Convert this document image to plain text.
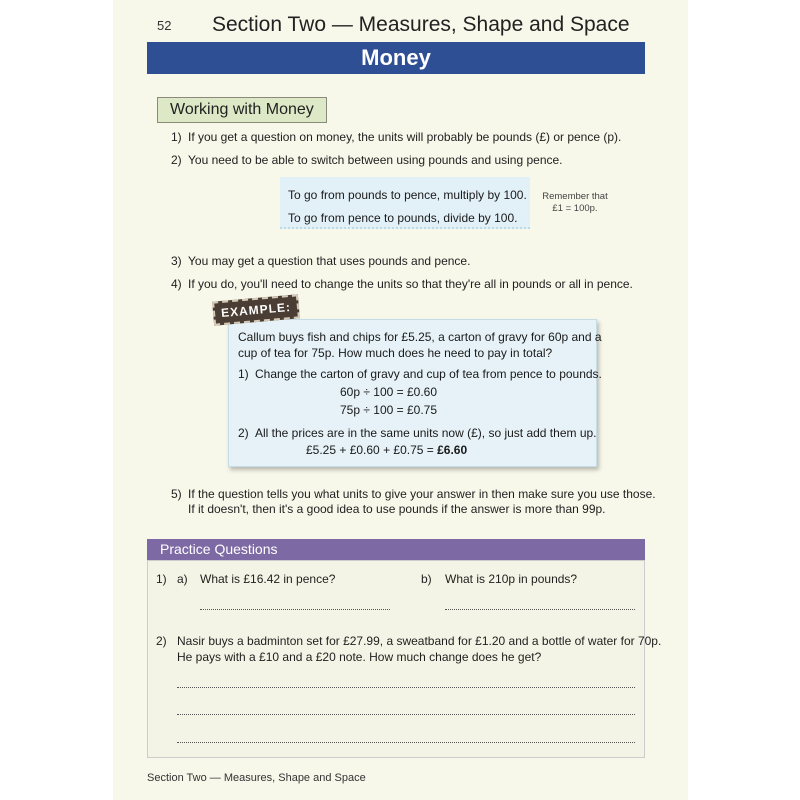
52 Section Two — Measures, Shape and Space
Money
Working with Money
1) If you get a question on money, the units will probably be pounds (£) or pence (p).
2) You need to be able to switch between using pounds and using pence.
To go from pounds to pence, multiply by 100.
To go from pence to pounds, divide by 100.
Remember that
£1 = 100p.
3) You may get a question that uses pounds and pence.
4) If you do, you'll need to change the units so that they're all in pounds or all in pence.
EXAMPLE:
Callum buys fish and chips for £5.25, a carton of gravy for 60p and a
cup of tea for 75p. How much does he need to pay in total?
1) Change the carton of gravy and cup of tea from pence to pounds.
60p ÷ 100 = £0.60
75p ÷ 100 = £0.75
2) All the prices are in the same units now (£), so just add them up.
£5.25 + £0.60 + £0.75 = £6.60
5) If the question tells you what units to give your answer in then make sure you use those.
If it doesn't, then it's a good idea to use pounds if the answer is more than 99p.
Practice Questions
1) a) What is £16.42 in pence?	b) What is 210p in pounds?
2) Nasir buys a badminton set for £27.99, a sweatband for £1.20 and a bottle of water for 70p.
He pays with a £10 and a £20 note. How much change does he get?
Section Two — Measures, Shape and Space
